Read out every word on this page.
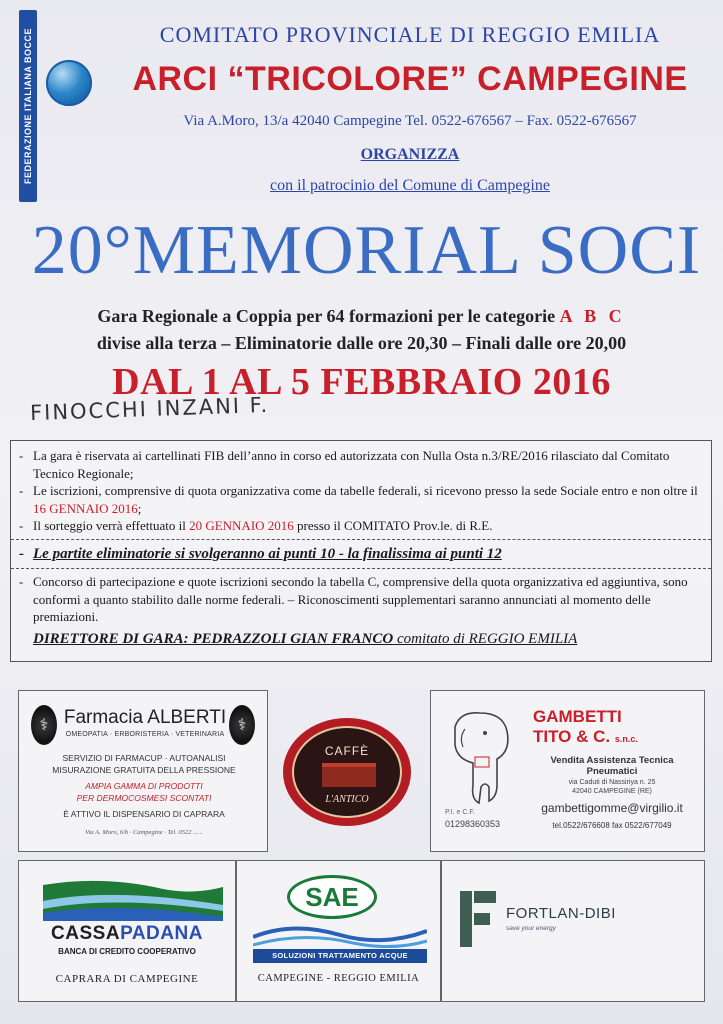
FEDERAZIONE ITALIANA BOCCE	COMITATO PROVINCIALE DI REGGIO EMILIA
ARCI “TRICOLORE” CAMPEGINE
Via A.Moro, 13/a 42040 Campegine Tel. 0522-676567 – Fax. 0522-676567
ORGANIZZA
con il patrocinio del Comune di Campegine
20°MEMORIAL SOCI
Gara Regionale a Coppia per 64 formazioni per le categorie A B C
divise alla terza – Eliminatorie dalle ore 20,30 – Finali dalle ore 20,00
DAL 1 AL 5 FEBBRAIO 2016
FINOCCHI INZANI F.
- La gara è riservata ai cartellinati FIB dell’anno in corso ed autorizzata con Nulla Osta n.3/RE/2016 rilasciato dal Comitato Tecnico Regionale;
- Le iscrizioni, comprensive di quota organizzativa come da tabelle federali, si ricevono presso la sede Sociale entro e non oltre il 16 GENNAIO 2016;
- Il sorteggio verrà effettuato il 20 GENNAIO 2016 presso il COMITATO Prov.le. di R.E.
- Le partite eliminatorie si svolgeranno ai punti 10 - la finalissima ai punti 12
- Concorso di partecipazione e quote iscrizioni secondo la tabella C, comprensive della quota organizzativa ed aggiuntiva, sono conformi a quanto stabilito dalle norme federali. – Riconoscimenti supplementari saranno annunciati al momento delle premiazioni.
DIRETTORE DI GARA: PEDRAZZOLI GIAN FRANCO comitato di REGGIO EMILIA
⚕	⚕
Farmacia ALBERTI
OMEOPATIA · ERBORISTERIA · VETERINARIA
SERVIZIO DI FARMACUP · AUTOANALISI
MISURAZIONE GRATUITA DELLA PRESSIONE
AMPIA GAMMA DI PRODOTTI
PER DERMOCOSMESI SCONTATI
È ATTIVO IL DISPENSARIO DI CAPRARA
Via A. Moro, 6/b · Campegine · Tel. 0522 ......
CAFFÈ
L'ANTICO
GAMBETTI
TITO & C. s.n.c.
Vendita Assistenza Tecnica
Pneumatici
via Caduti di Nassiriya n. 25
42040 CAMPEGINE (RE)
P.I. e C.F.
01298360353
gambettigomme@virgilio.it
tel.0522/676608 fax 0522/677049
CASSAPADANA
BANCA DI CREDITO COOPERATIVO
CAPRARA DI CAMPEGINE
SAE
SOLUZIONI TRATTAMENTO ACQUE
CAMPEGINE - REGGIO EMILIA
FORTLAN-DIBI
save your energy
